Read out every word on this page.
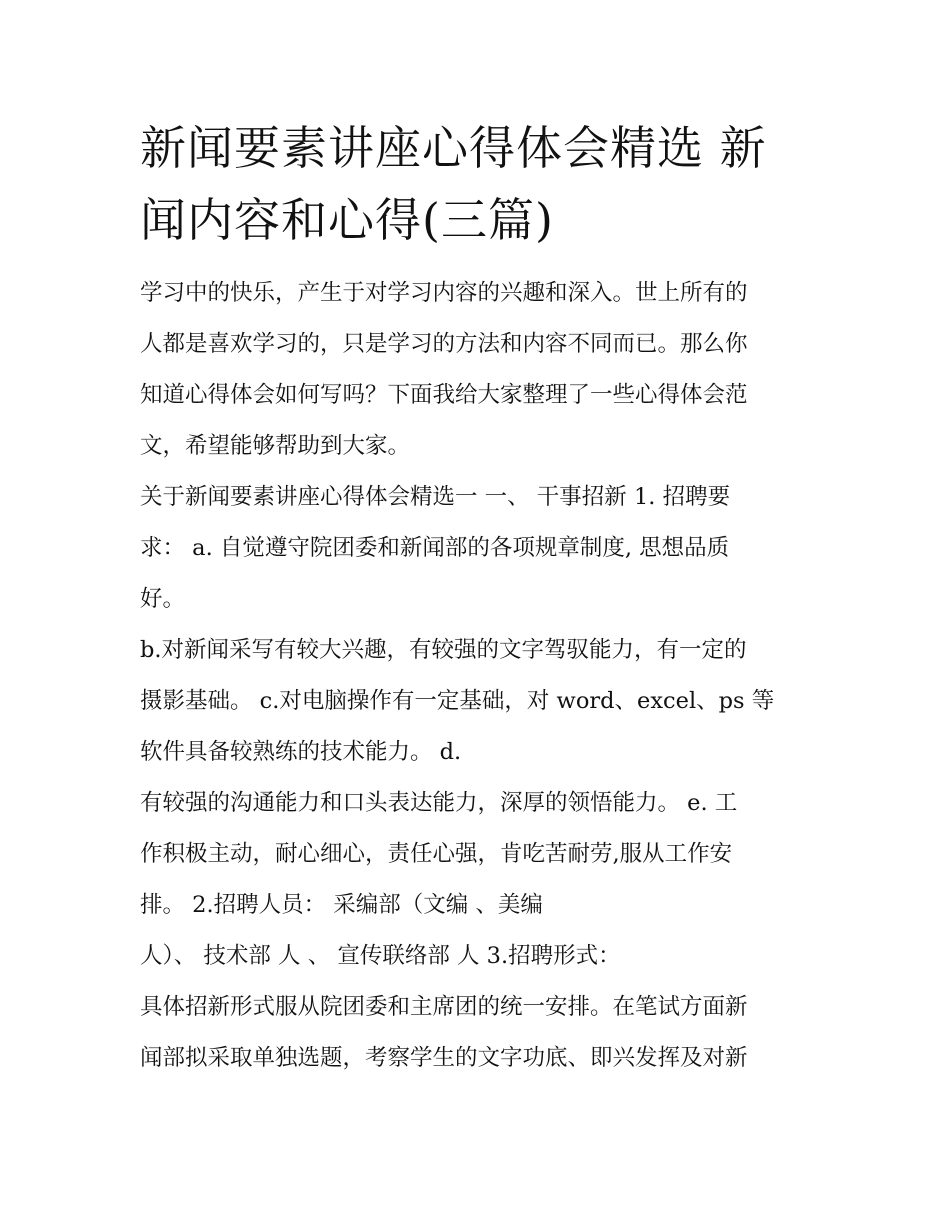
新闻要素讲座心得体会精选 新
闻内容和心得(三篇)
学习中的快乐，产生于对学习内容的兴趣和深入。世上所有的
人都是喜欢学习的，只是学习的方法和内容不同而已。那么你
知道心得体会如何写吗？下面我给大家整理了一些心得体会范
文，希望能够帮助到大家。
关于新闻要素讲座心得体会精选一 一、 干事招新 1. 招聘要
求： a. 自觉遵守院团委和新闻部的各项规章制度, 思想品质
好。
b.对新闻采写有较大兴趣，有较强的文字驾驭能力，有一定的
摄影基础。 c.对电脑操作有一定基础，对 word、excel、ps 等
软件具备较熟练的技术能力。 d.
有较强的沟通能力和口头表达能力，深厚的领悟能力。 e. 工
作积极主动，耐心细心，责任心强，肯吃苦耐劳,服从工作安
排。 2.招聘人员： 采编部（文编 、美编
人）、 技术部 人 、 宣传联络部 人 3.招聘形式：
具体招新形式服从院团委和主席团的统一安排。在笔试方面新
闻部拟采取单独选题，考察学生的文字功底、即兴发挥及对新
